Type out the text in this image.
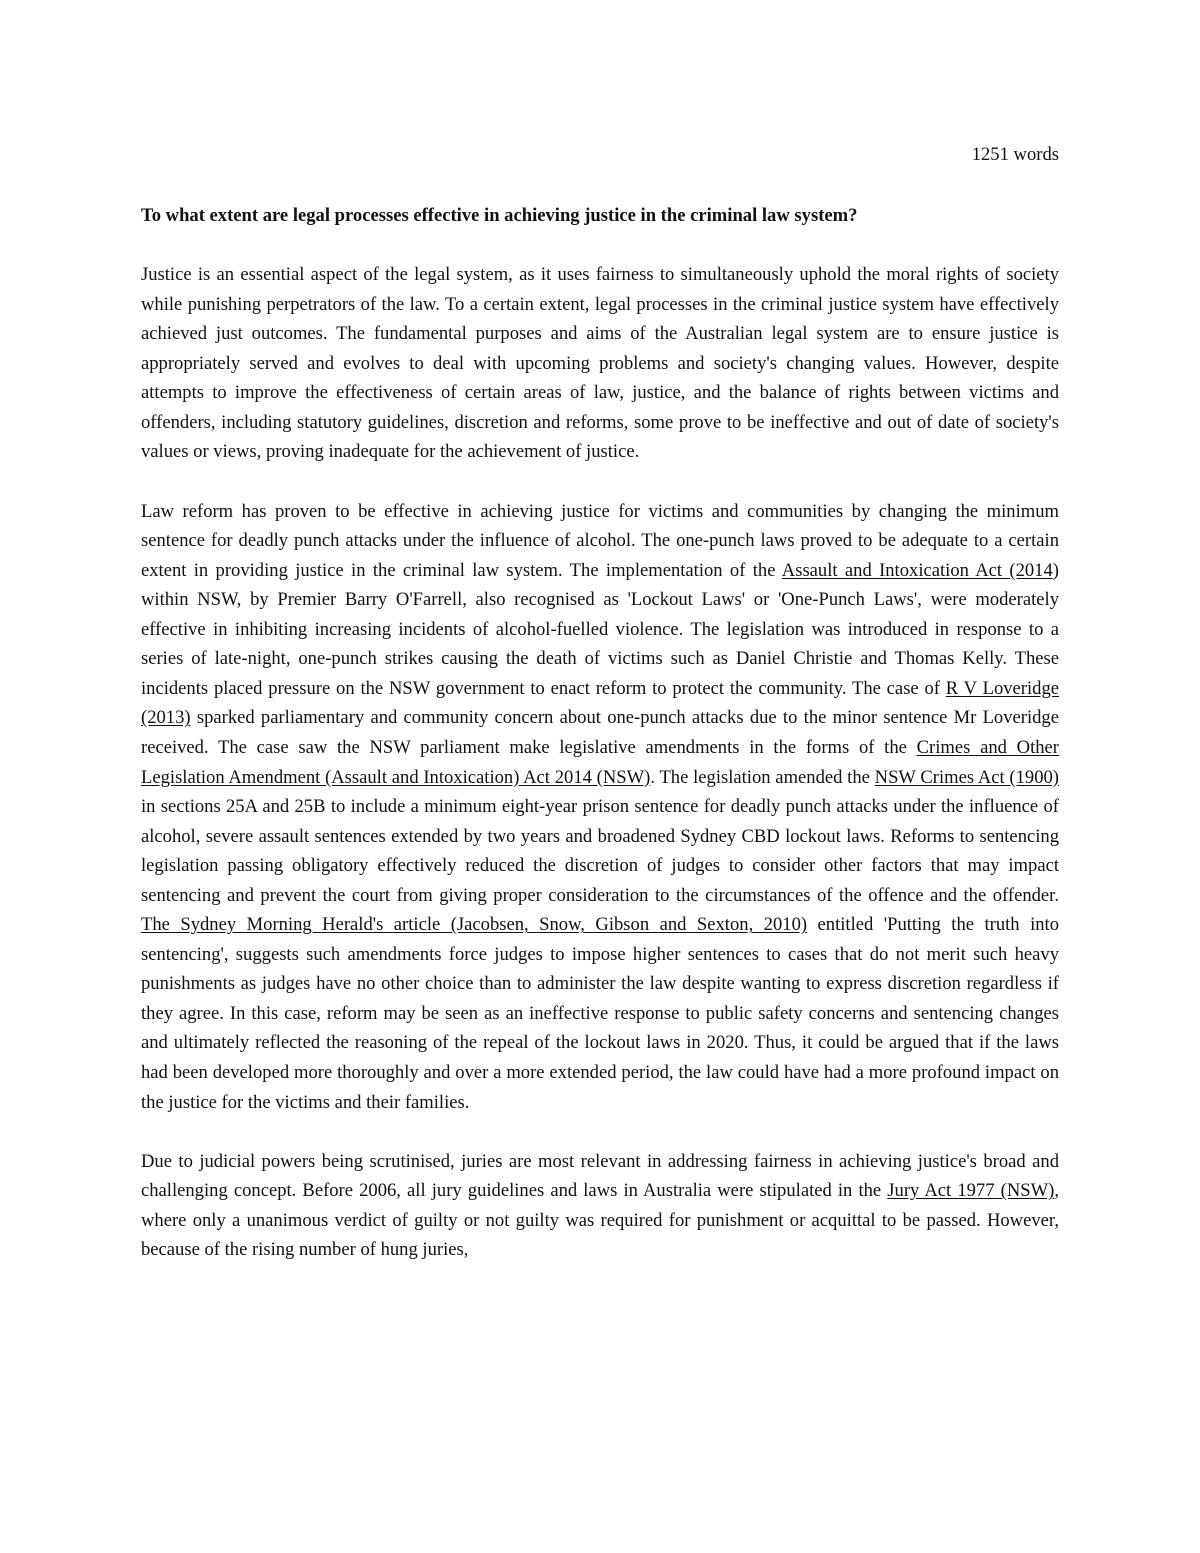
1251 words
To what extent are legal processes effective in achieving justice in the criminal law system?

Justice is an essential aspect of the legal system, as it uses fairness to simultaneously uphold the moral rights of society while punishing perpetrators of the law. To a certain extent, legal processes in the criminal justice system have effectively achieved just outcomes. The fundamental purposes and aims of the Australian legal system are to ensure justice is appropriately served and evolves to deal with upcoming problems and society's changing values. However, despite attempts to improve the effectiveness of certain areas of law, justice, and the balance of rights between victims and offenders, including statutory guidelines, discretion and reforms, some prove to be ineffective and out of date of society's values or views, proving inadequate for the achievement of justice.

Law reform has proven to be effective in achieving justice for victims and communities by changing the minimum sentence for deadly punch attacks under the influence of alcohol. The one-punch laws proved to be adequate to a certain extent in providing justice in the criminal law system. The implementation of the Assault and Intoxication Act (2014) within NSW, by Premier Barry O'Farrell, also recognised as 'Lockout Laws' or 'One-Punch Laws', were moderately effective in inhibiting increasing incidents of alcohol-fuelled violence. The legislation was introduced in response to a series of late-night, one-punch strikes causing the death of victims such as Daniel Christie and Thomas Kelly. These incidents placed pressure on the NSW government to enact reform to protect the community. The case of R V Loveridge (2013) sparked parliamentary and community concern about one-punch attacks due to the minor sentence Mr Loveridge received. The case saw the NSW parliament make legislative amendments in the forms of the Crimes and Other Legislation Amendment (Assault and Intoxication) Act 2014 (NSW). The legislation amended the NSW Crimes Act (1900) in sections 25A and 25B to include a minimum eight-year prison sentence for deadly punch attacks under the influence of alcohol, severe assault sentences extended by two years and broadened Sydney CBD lockout laws. Reforms to sentencing legislation passing obligatory effectively reduced the discretion of judges to consider other factors that may impact sentencing and prevent the court from giving proper consideration to the circumstances of the offence and the offender. The Sydney Morning Herald's article (Jacobsen, Snow, Gibson and Sexton, 2010) entitled 'Putting the truth into sentencing', suggests such amendments force judges to impose higher sentences to cases that do not merit such heavy punishments as judges have no other choice than to administer the law despite wanting to express discretion regardless if they agree. In this case, reform may be seen as an ineffective response to public safety concerns and sentencing changes and ultimately reflected the reasoning of the repeal of the lockout laws in 2020. Thus, it could be argued that if the laws had been developed more thoroughly and over a more extended period, the law could have had a more profound impact on the justice for the victims and their families.

Due to judicial powers being scrutinised, juries are most relevant in addressing fairness in achieving justice's broad and challenging concept. Before 2006, all jury guidelines and laws in Australia were stipulated in the Jury Act 1977 (NSW), where only a unanimous verdict of guilty or not guilty was required for punishment or acquittal to be passed. However, because of the rising number of hung juries,
